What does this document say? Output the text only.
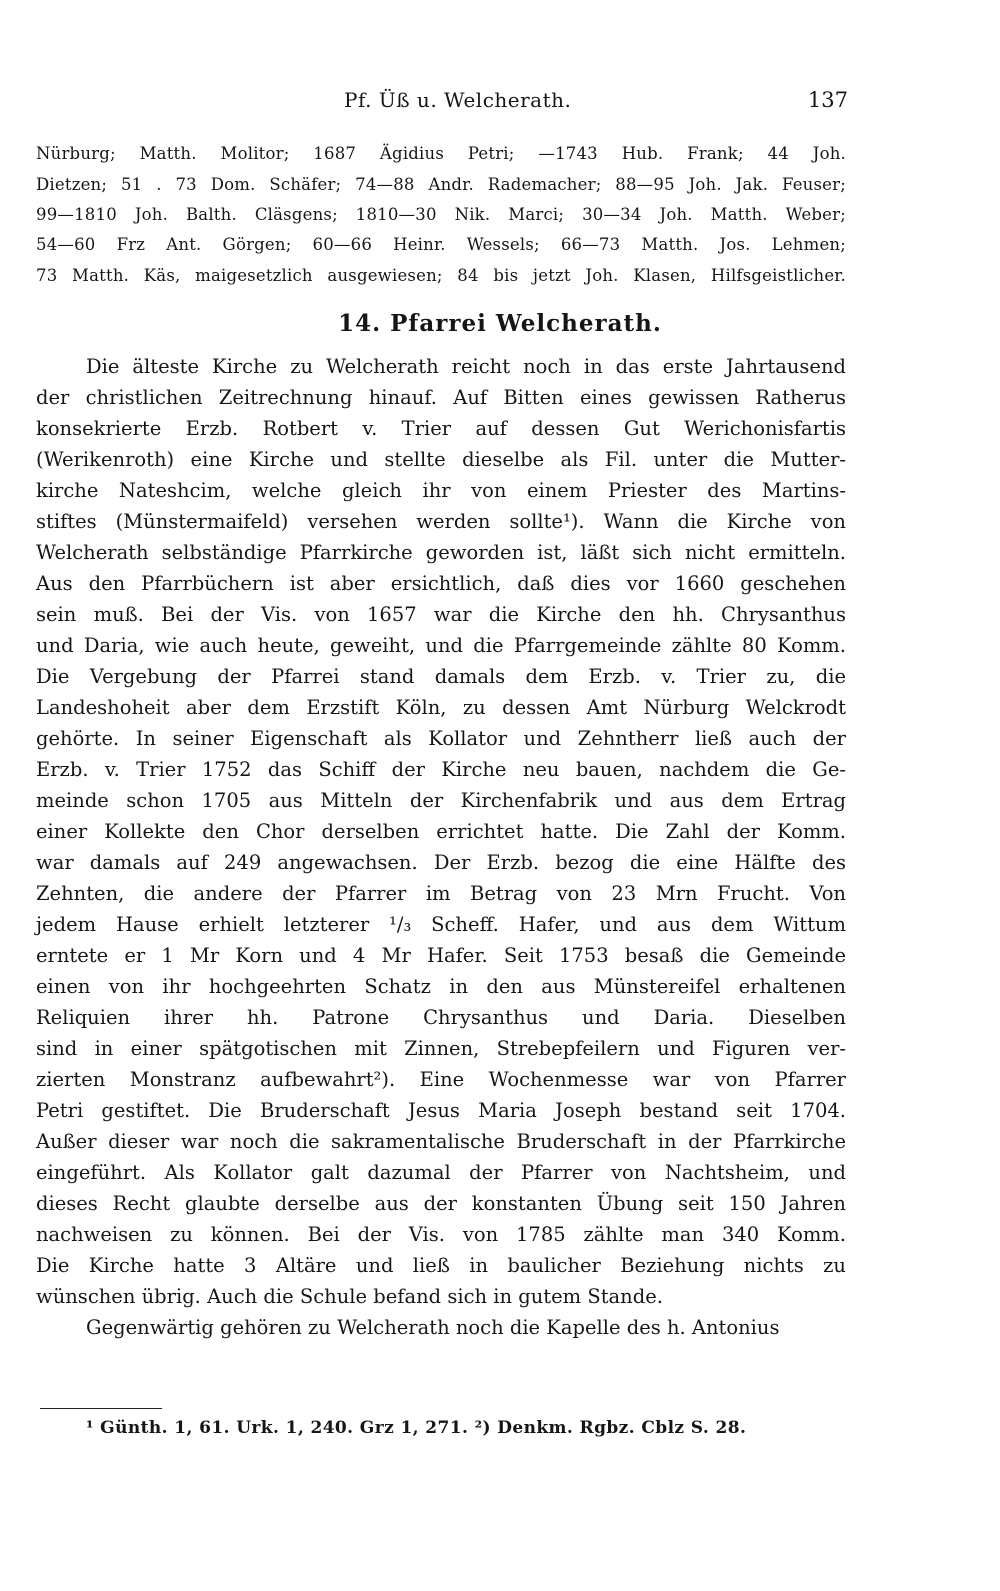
Pf. Üß u. Welcherath.	137
Nürburg; Matth. Molitor; 1687 Ägidius Petri; —1743 Hub. Frank; 44 Joh.
Dietzen; 51 . 73 Dom. Schäfer; 74—88 Andr. Rademacher; 88—95 Joh. Jak. Feuser;
99—1810 Joh. Balth. Cläsgens; 1810—30 Nik. Marci; 30—34 Joh. Matth. Weber;
54—60 Frz Ant. Görgen; 60—66 Heinr. Wessels; 66—73 Matth. Jos. Lehmen;
73 Matth. Käs, maigesetzlich ausgewiesen; 84 bis jetzt Joh. Klasen, Hilfsgeistlicher.
14. Pfarrei Welcherath.
Die älteste Kirche zu Welcherath reicht noch in das erste Jahrtausend
der christlichen Zeitrechnung hinauf. Auf Bitten eines gewissen Ratherus
konsekrierte Erzb. Rotbert v. Trier auf dessen Gut Werichonisfartis
(Werikenroth) eine Kirche und stellte dieselbe als Fil. unter die Mutter-
kirche Nateshcim, welche gleich ihr von einem Priester des Martins-
stiftes (Münstermaifeld) versehen werden sollte¹). Wann die Kirche von
Welcherath selbständige Pfarrkirche geworden ist, läßt sich nicht ermitteln.
Aus den Pfarrbüchern ist aber ersichtlich, daß dies vor 1660 geschehen
sein muß. Bei der Vis. von 1657 war die Kirche den hh. Chrysanthus
und Daria, wie auch heute, geweiht, und die Pfarrgemeinde zählte 80 Komm.
Die Vergebung der Pfarrei stand damals dem Erzb. v. Trier zu, die
Landeshoheit aber dem Erzstift Köln, zu dessen Amt Nürburg Welckrodt
gehörte. In seiner Eigenschaft als Kollator und Zehntherr ließ auch der
Erzb. v. Trier 1752 das Schiff der Kirche neu bauen, nachdem die Ge-
meinde schon 1705 aus Mitteln der Kirchenfabrik und aus dem Ertrag
einer Kollekte den Chor derselben errichtet hatte. Die Zahl der Komm.
war damals auf 249 angewachsen. Der Erzb. bezog die eine Hälfte des
Zehnten, die andere der Pfarrer im Betrag von 23 Mrn Frucht. Von
jedem Hause erhielt letzterer ¹/₃ Scheff. Hafer, und aus dem Wittum
erntete er 1 Mr Korn und 4 Mr Hafer. Seit 1753 besaß die Gemeinde
einen von ihr hochgeehrten Schatz in den aus Münstereifel erhaltenen
Reliquien ihrer hh. Patrone Chrysanthus und Daria. Dieselben
sind in einer spätgotischen mit Zinnen, Strebepfeilern und Figuren ver-
zierten Monstranz aufbewahrt²). Eine Wochenmesse war von Pfarrer
Petri gestiftet. Die Bruderschaft Jesus Maria Joseph bestand seit 1704.
Außer dieser war noch die sakramentalische Bruderschaft in der Pfarrkirche
eingeführt. Als Kollator galt dazumal der Pfarrer von Nachtsheim, und
dieses Recht glaubte derselbe aus der konstanten Übung seit 150 Jahren
nachweisen zu können. Bei der Vis. von 1785 zählte man 340 Komm.
Die Kirche hatte 3 Altäre und ließ in baulicher Beziehung nichts zu
wünschen übrig. Auch die Schule befand sich in gutem Stande.
Gegenwärtig gehören zu Welcherath noch die Kapelle des h. Antonius
¹ Günth. 1, 61. Urk. 1, 240. Grz 1, 271. ²) Denkm. Rgbz. Cblz S. 28.
